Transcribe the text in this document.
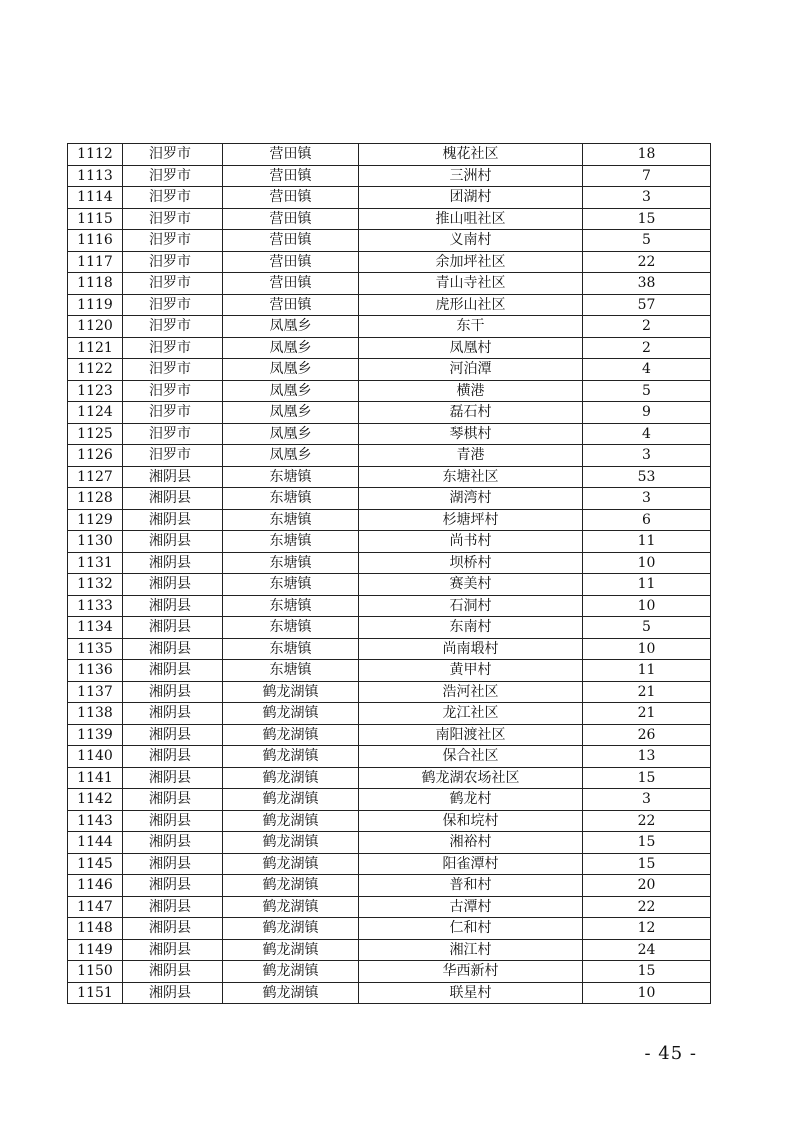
1112	汨罗市	营田镇	槐花社区	18
1113	汨罗市	营田镇	三洲村	7
1114	汨罗市	营田镇	团湖村	3
1115	汨罗市	营田镇	推山咀社区	15
1116	汨罗市	营田镇	义南村	5
1117	汨罗市	营田镇	余加坪社区	22
1118	汨罗市	营田镇	青山寺社区	38
1119	汨罗市	营田镇	虎形山社区	57
1120	汨罗市	凤凰乡	东干	2
1121	汨罗市	凤凰乡	凤凰村	2
1122	汨罗市	凤凰乡	河泊潭	4
1123	汨罗市	凤凰乡	横港	5
1124	汨罗市	凤凰乡	磊石村	9
1125	汨罗市	凤凰乡	琴棋村	4
1126	汨罗市	凤凰乡	青港	3
1127	湘阴县	东塘镇	东塘社区	53
1128	湘阴县	东塘镇	湖湾村	3
1129	湘阴县	东塘镇	杉塘坪村	6
1130	湘阴县	东塘镇	尚书村	11
1131	湘阴县	东塘镇	坝桥村	10
1132	湘阴县	东塘镇	赛美村	11
1133	湘阴县	东塘镇	石洞村	10
1134	湘阴县	东塘镇	东南村	5
1135	湘阴县	东塘镇	尚南塅村	10
1136	湘阴县	东塘镇	黄甲村	11
1137	湘阴县	鹤龙湖镇	浩河社区	21
1138	湘阴县	鹤龙湖镇	龙江社区	21
1139	湘阴县	鹤龙湖镇	南阳渡社区	26
1140	湘阴县	鹤龙湖镇	保合社区	13
1141	湘阴县	鹤龙湖镇	鹤龙湖农场社区	15
1142	湘阴县	鹤龙湖镇	鹤龙村	3
1143	湘阴县	鹤龙湖镇	保和垸村	22
1144	湘阴县	鹤龙湖镇	湘裕村	15
1145	湘阴县	鹤龙湖镇	阳雀潭村	15
1146	湘阴县	鹤龙湖镇	普和村	20
1147	湘阴县	鹤龙湖镇	古潭村	22
1148	湘阴县	鹤龙湖镇	仁和村	12
1149	湘阴县	鹤龙湖镇	湘江村	24
1150	湘阴县	鹤龙湖镇	华西新村	15
1151	湘阴县	鹤龙湖镇	联星村	10
- 45 -
